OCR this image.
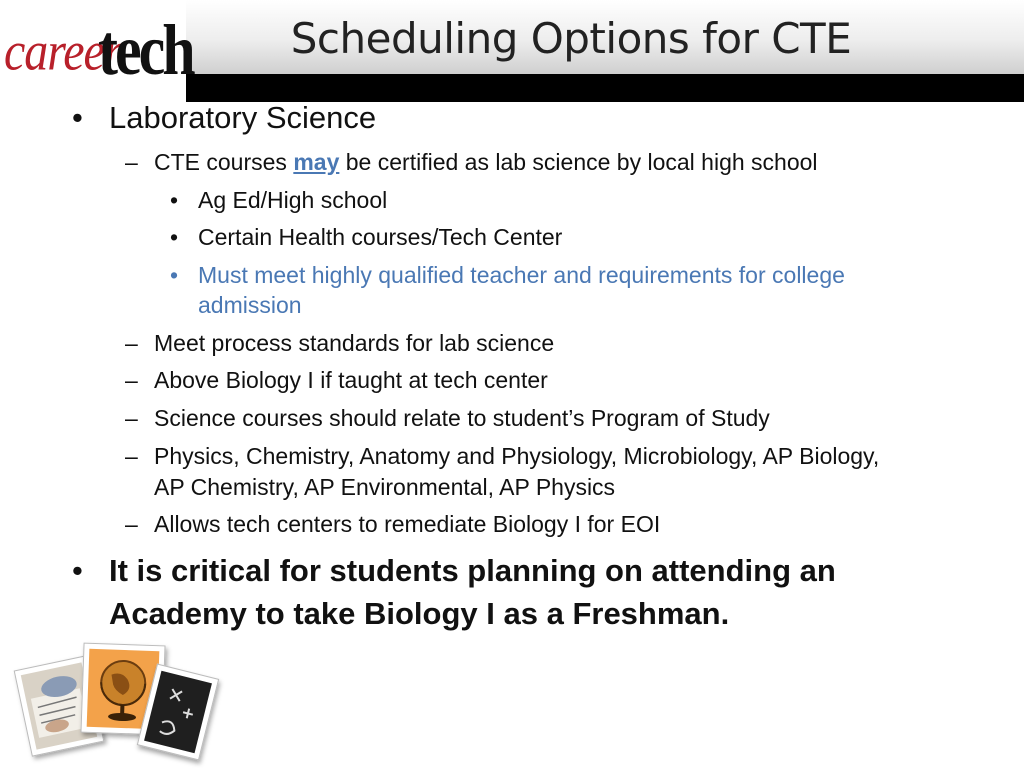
career
tech	Scheduling Options for CTE
• Laboratory Science
– CTE courses may be certified as lab science by local high school
• Ag Ed/High school
• Certain Health courses/Tech Center
• Must meet highly qualified teacher and requirements for college
admission
– Meet process standards for lab science
– Above Biology I if taught at tech center
– Science courses should relate to student’s Program of Study
– Physics, Chemistry, Anatomy and Physiology, Microbiology, AP Biology,
AP Chemistry, AP Environmental, AP Physics
– Allows tech centers to remediate Biology I for EOI
• It is critical for students planning on attending an
Academy to take Biology I as a Freshman.
